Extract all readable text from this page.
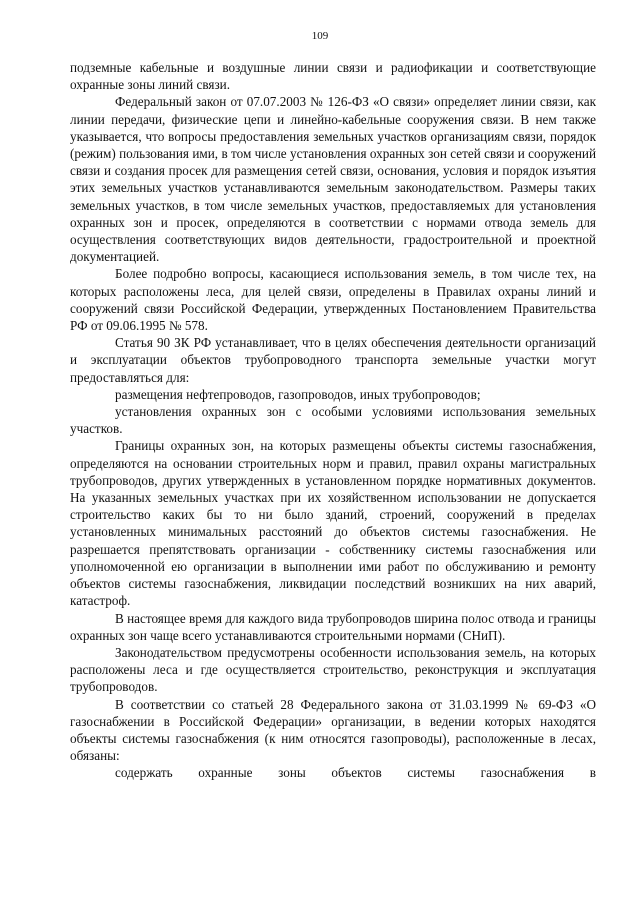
109

подземные кабельные и воздушные линии связи и радиофикации и соответствующие охранные зоны линий связи.

Федеральный закон от 07.07.2003 № 126-ФЗ «О связи» определяет линии связи, как линии передачи, физические цепи и линейно-кабельные сооружения связи. В нем также указывается, что вопросы предоставления земельных участков организациям связи, порядок (режим) пользования ими, в том числе установления охранных зон сетей связи и сооружений связи и создания просек для размещения сетей связи, основания, условия и порядок изъятия этих земельных участков устанавливаются земельным законодательством. Размеры таких земельных участков, в том числе земельных участков, предоставляемых для установления охранных зон и просек, определяются в соответствии с нормами отвода земель для осуществления соответствующих видов деятельности, градостроительной и проектной документацией.

Более подробно вопросы, касающиеся использования земель, в том числе тех, на которых расположены леса, для целей связи, определены в Правилах охраны линий и сооружений связи Российской Федерации, утвержденных Постановлением Правительства РФ от 09.06.1995 № 578.

Статья 90 ЗК РФ устанавливает, что в целях обеспечения деятельности организаций и эксплуатации объектов трубопроводного транспорта земельные участки могут предоставляться для:

размещения нефтепроводов, газопроводов, иных трубопроводов;

установления охранных зон с особыми условиями использования земельных участков.

Границы охранных зон, на которых размещены объекты системы газоснабжения, определяются на основании строительных норм и правил, правил охраны магистральных трубопроводов, других утвержденных в установленном порядке нормативных документов. На указанных земельных участках при их хозяйственном использовании не допускается строительство каких бы то ни было зданий, строений, сооружений в пределах установленных минимальных расстояний до объектов системы газоснабжения. Не разрешается препятствовать организации - собственнику системы газоснабжения или уполномоченной ею организации в выполнении ими работ по обслуживанию и ремонту объектов системы газоснабжения, ликвидации последствий возникших на них аварий, катастроф.

В настоящее время для каждого вида трубопроводов ширина полос отвода и границы охранных зон чаще всего устанавливаются строительными нормами (СНиП).

Законодательством предусмотрены особенности использования земель, на которых расположены леса и где осуществляется строительство, реконструкция и эксплуатация трубопроводов.

В соответствии со статьей 28 Федерального закона от 31.03.1999 № 69-ФЗ «О газоснабжении в Российской Федерации» организации, в ведении которых находятся объекты системы газоснабжения (к ним относятся газопроводы), расположенные в лесах, обязаны:

содержать охранные зоны объектов системы газоснабжения в
